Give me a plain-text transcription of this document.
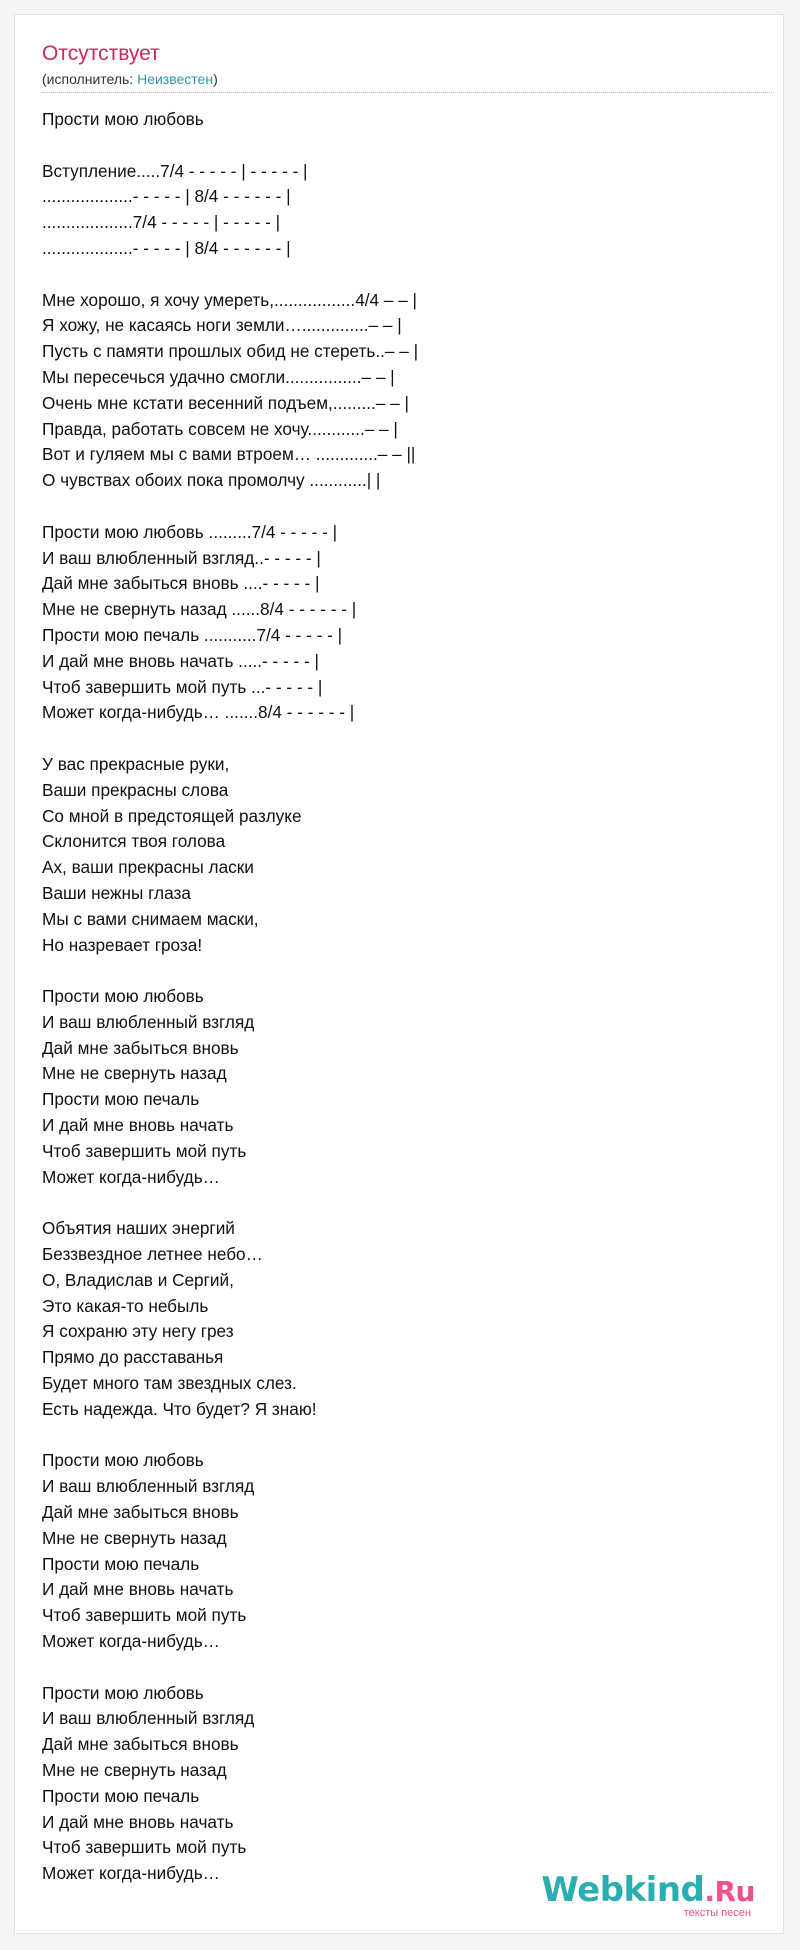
Отсутствует
(исполнитель: Неизвестен)
Прости мою любовь
Вступление.....7/4 - - - - - | - - - - - |
...................- - - - - | 8/4 - - - - - - |
...................7/4 - - - - - | - - - - - |
...................- - - - - | 8/4 - - - - - - |
Мне хорошо, я хочу умереть,.................4/4 – – |
Я хожу, не касаясь ноги земли…..............– – |
Пусть с памяти прошлых обид не стереть..– – |
Мы пересечься удачно смогли................– – |
Очень мне кстати весенний подъем,.........– – |
Правда, работать совсем не хочу............– – |
Вот и гуляем мы с вами втроем… .............– – ||
О чувствах обоих пока промолчу ............| |
Прости мою любовь .........7/4 - - - - - |
И ваш влюбленный взгляд..- - - - - |
Дай мне забыться вновь ....- - - - - |
Мне не свернуть назад ......8/4 - - - - - - |
Прости мою печаль ...........7/4 - - - - - |
И дай мне вновь начать .....- - - - - |
Чтоб завершить мой путь ...- - - - - |
Может когда-нибудь… .......8/4 - - - - - - |
У вас прекрасные руки,
Ваши прекрасны слова
Со мной в предстоящей разлуке
Склонится твоя голова
Ах, ваши прекрасны ласки
Ваши нежны глаза
Мы с вами снимаем маски,
Но назревает гроза!
Прости мою любовь
И ваш влюбленный взгляд
Дай мне забыться вновь
Мне не свернуть назад
Прости мою печаль
И дай мне вновь начать
Чтоб завершить мой путь
Может когда-нибудь…
Объятия наших энергий
Беззвездное летнее небо…
О, Владислав и Сергий,
Это какая-то небыль
Я сохраню эту негу грез
Прямо до расставанья
Будет много там звездных слез.
Есть надежда. Что будет? Я знаю!
Прости мою любовь
И ваш влюбленный взгляд
Дай мне забыться вновь
Мне не свернуть назад
Прости мою печаль
И дай мне вновь начать
Чтоб завершить мой путь
Может когда-нибудь…
Прости мою любовь
И ваш влюбленный взгляд
Дай мне забыться вновь
Мне не свернуть назад
Прости мою печаль
И дай мне вновь начать
Чтоб завершить мой путь
Может когда-нибудь…	Webkind.Ru
тексты песен
